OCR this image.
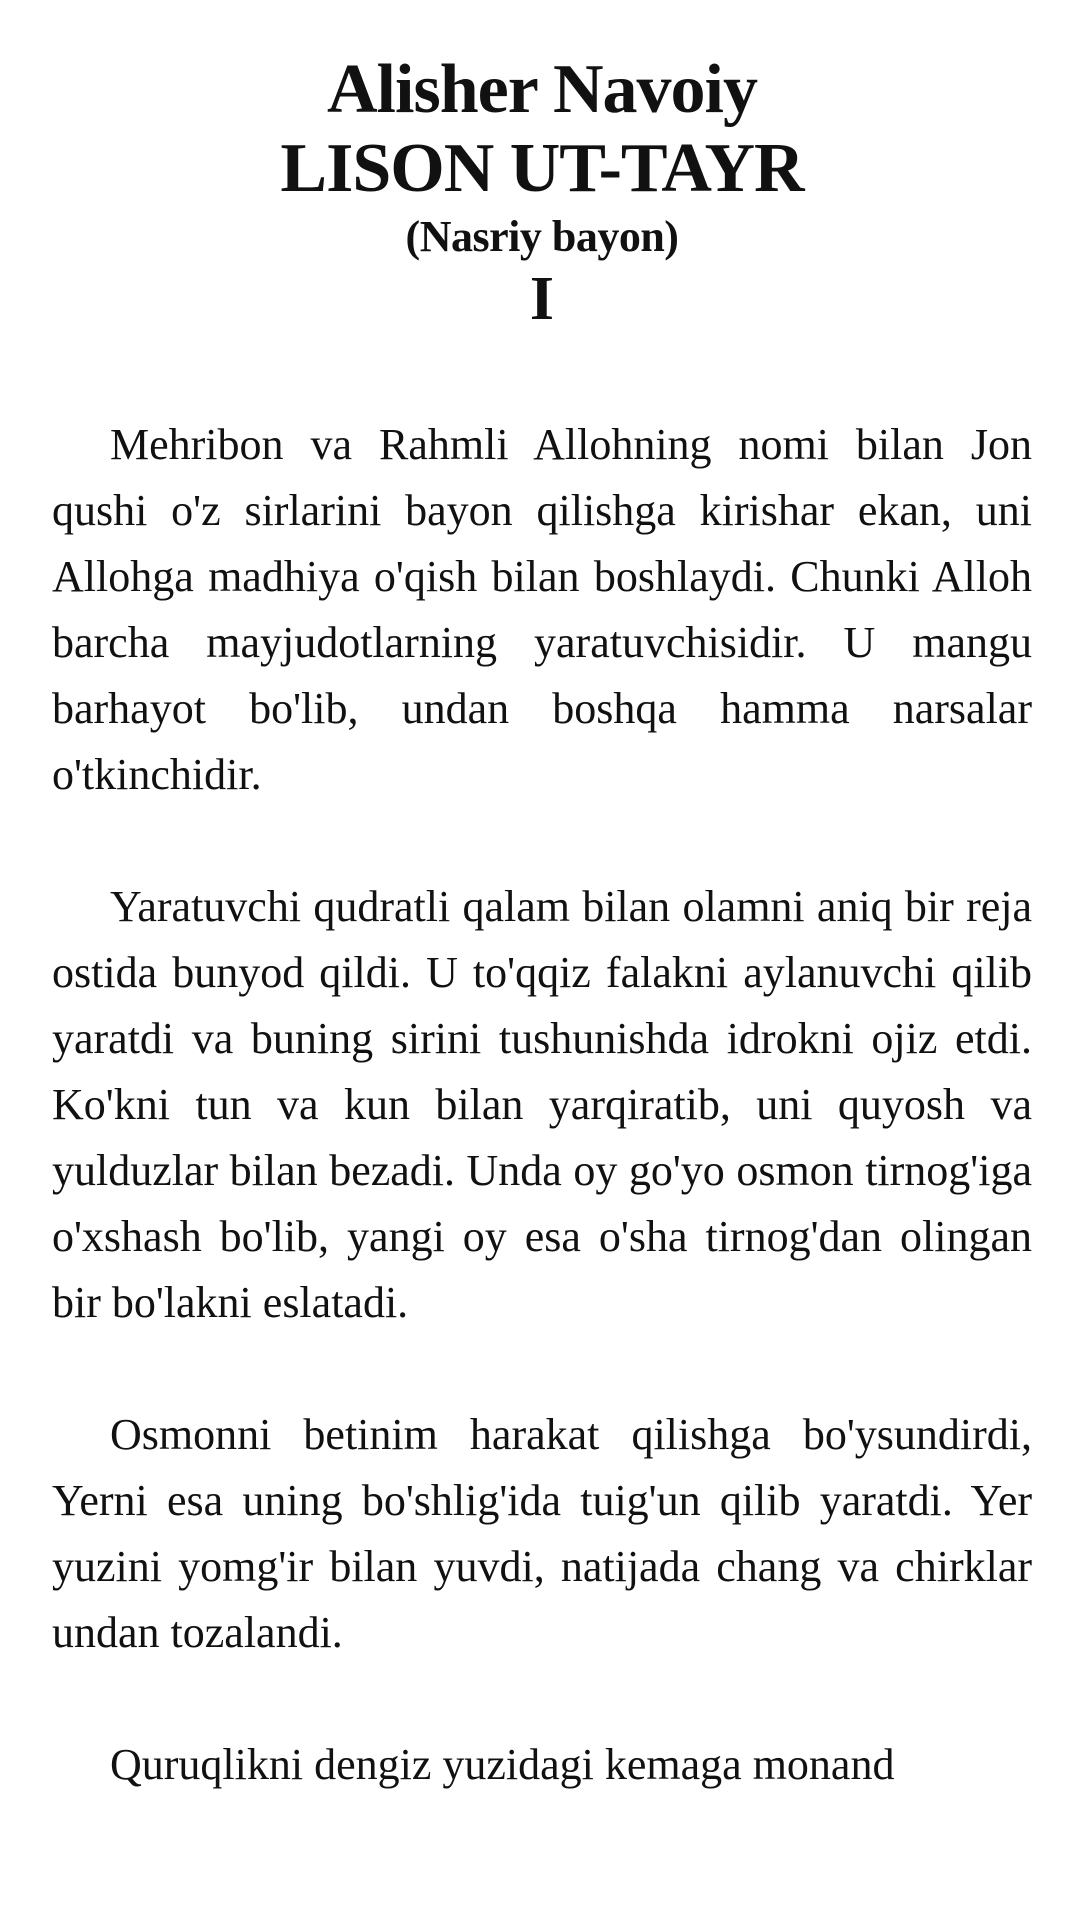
Alisher Navoiy
LISON UT-TAYR
(Nasriy bayon)
I

Mehribon va Rahmli Allohning nomi bilan Jon qushi o'z sirlarini bayon qilishga kirishar ekan, uni Allohga madhiya o'qish bilan boshlaydi. Chunki Alloh barcha mayjudotlarning yaratuvchisidir. U mangu barhayot bo'lib, undan boshqa hamma narsalar o'tkinchidir.

Yaratuvchi qudratli qalam bilan olamni aniq bir reja ostida bunyod qildi. U to'qqiz falakni aylanuvchi qilib yaratdi va buning sirini tushunishda idrokni ojiz etdi. Ko'kni tun va kun bilan yarqiratib, uni quyosh va yulduzlar bilan bezadi. Unda oy go'yo osmon tirnog'iga o'xshash bo'lib, yangi oy esa o'sha tirnog'dan olingan bir bo'lakni eslatadi.

Osmonni betinim harakat qilishga bo'ysundirdi, Yerni esa uning bo'shlig'ida tuig'un qilib yaratdi. Yer yuzini yomg'ir bilan yuvdi, natijada chang va chirklar undan tozalandi.

Quruqlikni dengiz yuzidagi kemaga monand
